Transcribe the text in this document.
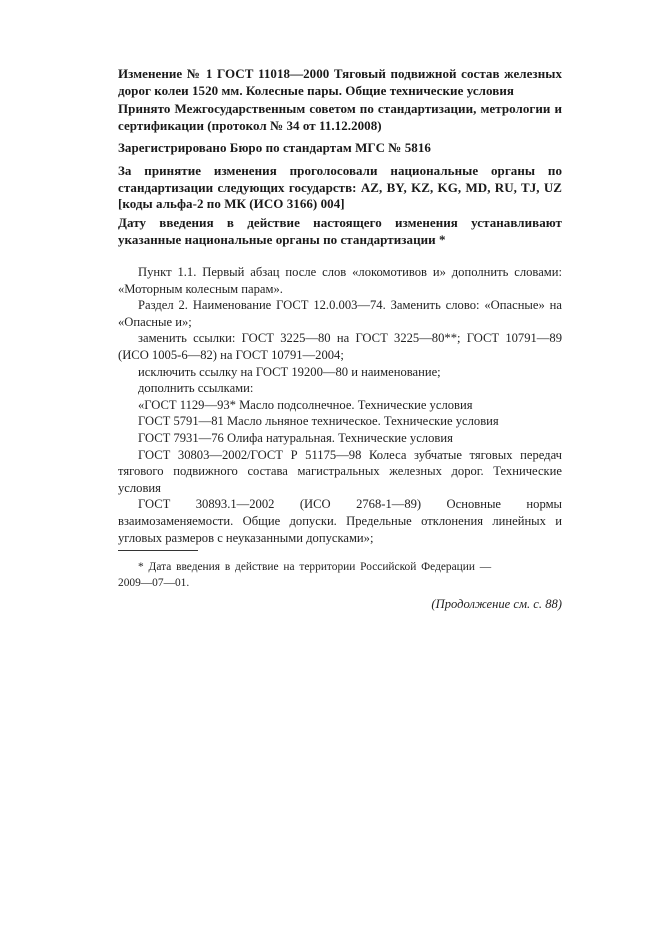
Изменение № 1 ГОСТ 11018—2000 Тяговый подвижной состав железных дорог колеи 1520 мм. Колесные пары. Общие технические условия
Принято Межгосударственным советом по стандартизации, метрологии и сертификации (протокол № 34 от 11.12.2008)
Зарегистрировано Бюро по стандартам МГС № 5816
За принятие изменения проголосовали национальные органы по стандартизации следующих государств: AZ, BY, KZ, KG, MD, RU, TJ, UZ [коды альфа-2 по МК (ИСО 3166) 004]
Дату введения в действие настоящего изменения устанавливают указанные национальные органы по стандартизации *

Пункт 1.1. Первый абзац после слов «локомотивов и» дополнить словами: «Моторным колесным парам».

Раздел 2. Наименование ГОСТ 12.0.003—74. Заменить слово: «Опасные» на «Опасные и»;

заменить ссылки: ГОСТ 3225—80 на ГОСТ 3225—80**; ГОСТ 10791—89 (ИСО 1005-6—82) на ГОСТ 10791—2004;

исключить ссылку на ГОСТ 19200—80 и наименование;

дополнить ссылками:

«ГОСТ 1129—93* Масло подсолнечное. Технические условия

ГОСТ 5791—81 Масло льняное техническое. Технические условия

ГОСТ 7931—76 Олифа натуральная. Технические условия

ГОСТ 30803—2002/ГОСТ Р 51175—98 Колеса зубчатые тяговых передач тягового подвижного состава магистральных железных дорог. Технические условия

ГОСТ 30893.1—2002 (ИСО 2768-1—89) Основные нормы взаимозаменяемости. Общие допуски. Предельные отклонения линейных и угловых размеров с неуказанными допусками»;

* Дата введения в действие на территории Российской Федерации —
2009—07—01.
(Продолжение см. с. 88)
